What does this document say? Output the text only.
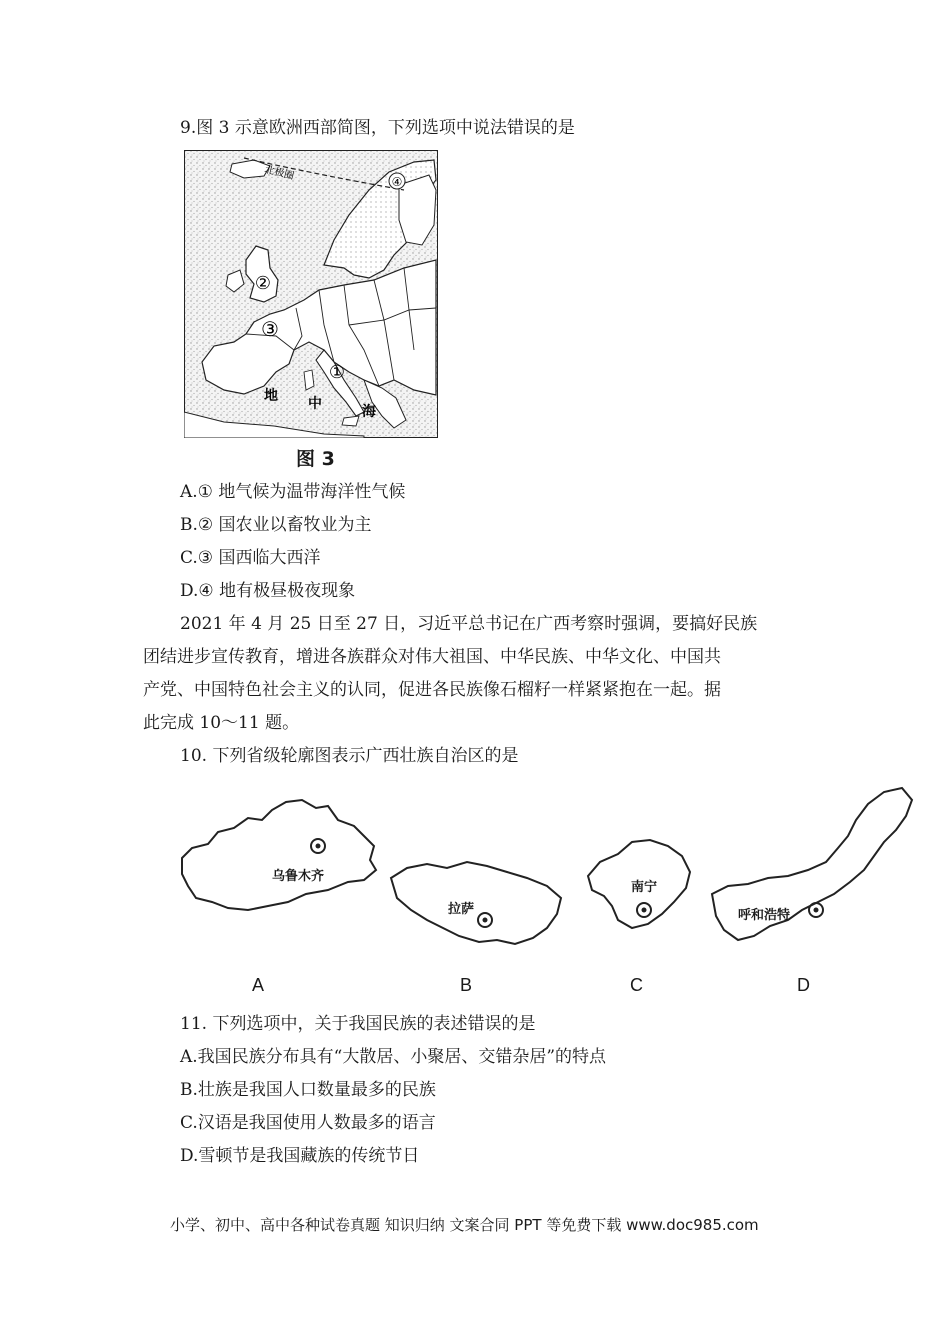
9.图 3 示意欧洲西部简图，下列选项中说法错误的是
北极圈	④
②
③
①
地 中	海
图 3
A.① 地气候为温带海洋性气候
B.② 国农业以畜牧业为主
C.③ 国西临大西洋
D.④ 地有极昼极夜现象
2021 年 4 月 25 日至 27 日，习近平总书记在广西考察时强调，要搞好民族
团结进步宣传教育，增进各族群众对伟大祖国、中华民族、中华文化、中国共
产党、中国特色社会主义的认同，促进各民族像石榴籽一样紧紧抱在一起。据
此完成 10～11 题。
10. 下列省级轮廓图表示广西壮族自治区的是
乌鲁木齐
拉萨
南宁
呼和浩特
A	B	C	D
11. 下列选项中，关于我国民族的表述错误的是
A.我国民族分布具有“大散居、小聚居、交错杂居”的特点
B.壮族是我国人口数量最多的民族
C.汉语是我国使用人数最多的语言
D.雪顿节是我国藏族的传统节日
小学、初中、高中各种试卷真题 知识归纳 文案合同 PPT 等免费下载 www.doc985.com
